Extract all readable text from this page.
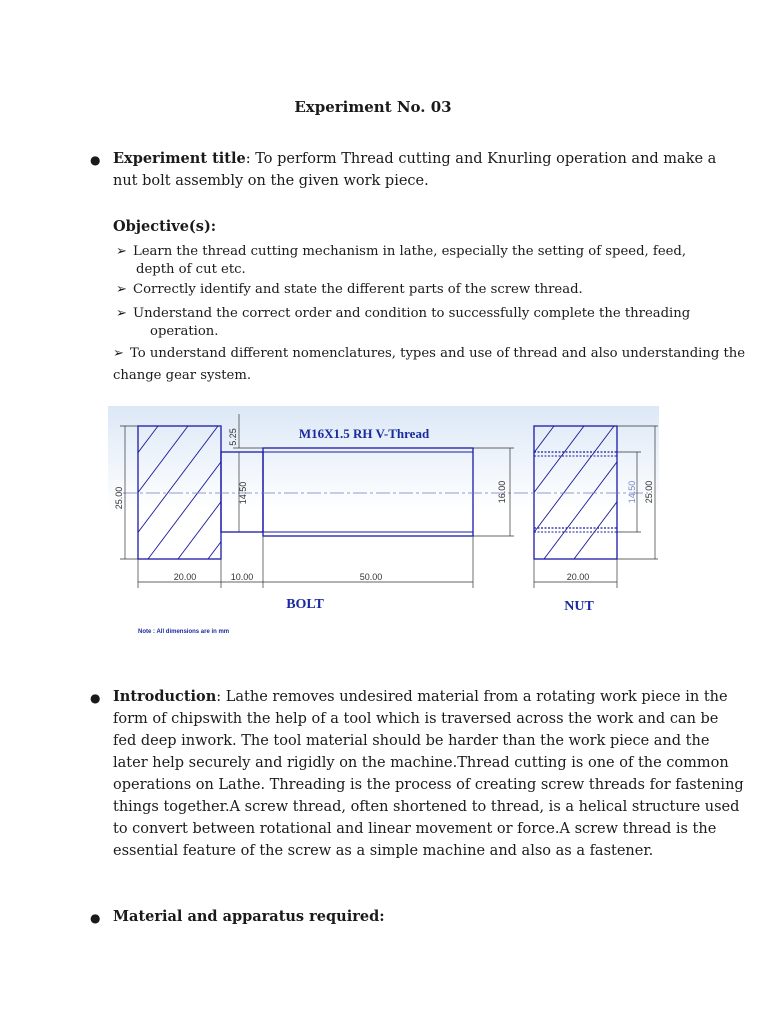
Experiment No. 03
● Experiment title: To perform Thread cutting and Knurling operation and make a
nut bolt assembly on the given work piece.
Objective(s):
➢ Learn the thread cutting mechanism in lathe, especially the setting of speed, feed,
depth of cut etc.
➢ Correctly identify and state the different parts of the screw thread.
➢ Understand the correct order and condition to successfully complete the threading
operation.
➢ To understand different nomenclatures, types and use of thread and also understanding the
change gear system.
25.00
5.25
14.50	16.00	14.50 25.00
20.00	10.00	50.00	20.00
M16X1.5 RH V-Thread
BOLT	NUT
Note : All dimensions are in mm
● Introduction: Lathe removes undesired material from a rotating work piece in the
form of chipswith the help of a tool which is traversed across the work and can be
fed deep inwork. The tool material should be harder than the work piece and the
later help securely and rigidly on the machine.Thread cutting is one of the common
operations on Lathe. Threading is the process of creating screw threads for fastening
things together.A screw thread, often shortened to thread, is a helical structure used
to convert between rotational and linear movement or force.A screw thread is the
essential feature of the screw as a simple machine and also as a fastener.
● Material and apparatus required:
